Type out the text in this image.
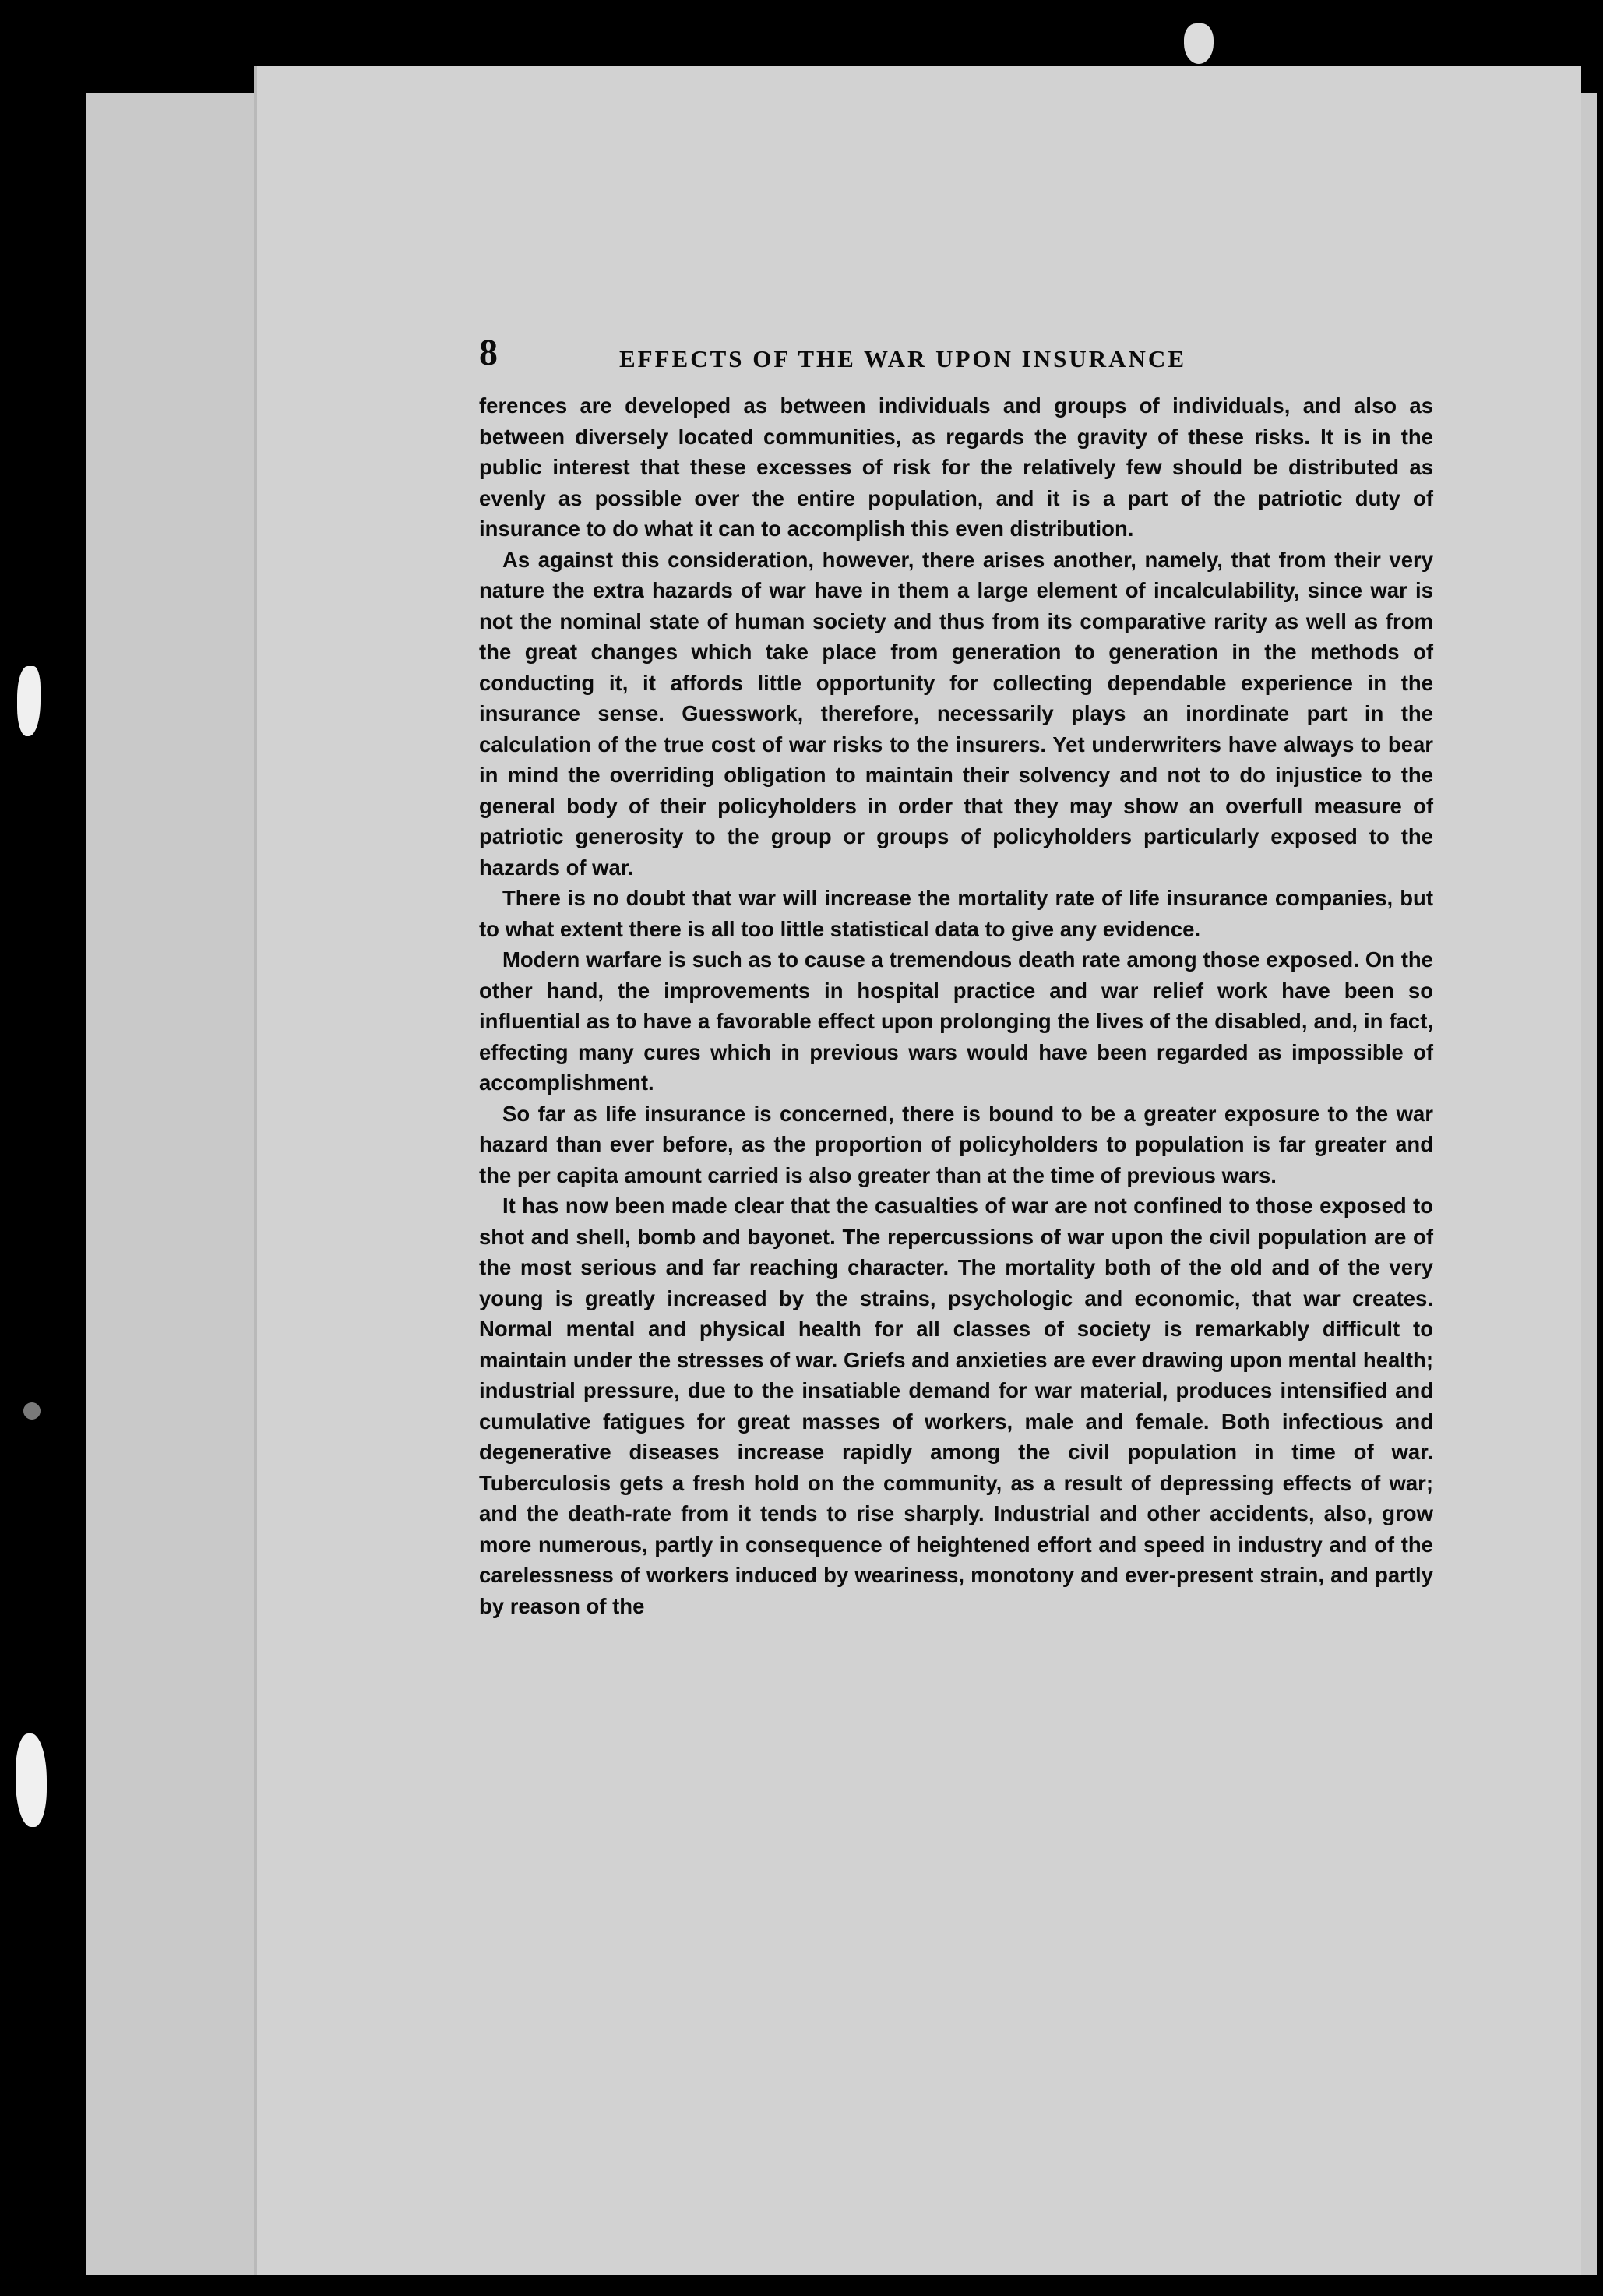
8	EFFECTS OF THE WAR UPON INSURANCE

ferences are developed as between individuals and groups of individuals, and also as between diversely located communities, as regards the gravity of these risks. It is in the public interest that these excesses of risk for the relatively few should be distributed as evenly as possible over the entire population, and it is a part of the patriotic duty of insurance to do what it can to accomplish this even distribution.

As against this consideration, however, there arises another, namely, that from their very nature the extra hazards of war have in them a large element of incalculability, since war is not the nominal state of human society and thus from its comparative rarity as well as from the great changes which take place from generation to generation in the methods of conducting it, it affords little opportunity for collecting dependable experience in the insurance sense. Guesswork, therefore, necessarily plays an inordinate part in the calculation of the true cost of war risks to the insurers. Yet underwriters have always to bear in mind the overriding obligation to maintain their solvency and not to do injustice to the general body of their policyholders in order that they may show an overfull measure of patriotic generosity to the group or groups of policyholders particularly exposed to the hazards of war.

There is no doubt that war will increase the mortality rate of life insurance companies, but to what extent there is all too little statistical data to give any evidence.

Modern warfare is such as to cause a tremendous death rate among those exposed. On the other hand, the improvements in hospital practice and war relief work have been so influential as to have a favorable effect upon prolonging the lives of the disabled, and, in fact, effecting many cures which in previous wars would have been regarded as impossible of accomplishment.

So far as life insurance is concerned, there is bound to be a greater exposure to the war hazard than ever before, as the proportion of policyholders to population is far greater and the per capita amount carried is also greater than at the time of previous wars.

It has now been made clear that the casualties of war are not confined to those exposed to shot and shell, bomb and bayonet. The repercussions of war upon the civil population are of the most serious and far reaching character. The mortality both of the old and of the very young is greatly increased by the strains, psychologic and economic, that war creates. Normal mental and physical health for all classes of society is remarkably difficult to maintain under the stresses of war. Griefs and anxieties are ever drawing upon mental health; industrial pressure, due to the insatiable demand for war material, produces intensified and cumulative fatigues for great masses of workers, male and female. Both infectious and degenerative diseases increase rapidly among the civil population in time of war. Tuberculosis gets a fresh hold on the community, as a result of depressing effects of war; and the death-rate from it tends to rise sharply. Industrial and other accidents, also, grow more numerous, partly in consequence of heightened effort and speed in industry and of the carelessness of workers induced by weariness, monotony and ever-present strain, and partly by reason of the
